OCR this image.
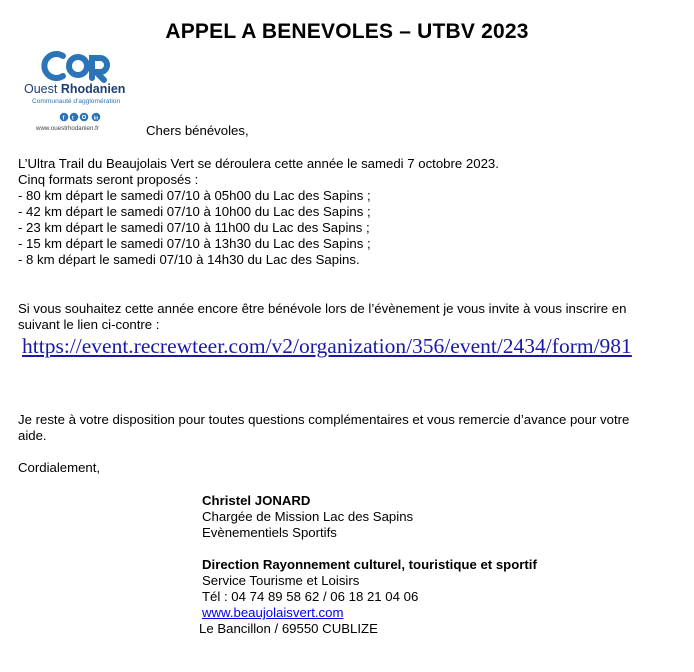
APPEL A BENEVOLES – UTBV 2023
Ouest Rhodanien
Communauté d'agglomération
f t	in
www.ouestrhodanien.fr	Chers bénévoles,
L’Ultra Trail du Beaujolais Vert se déroulera cette année le samedi 7 octobre 2023.
Cinq formats seront proposés :
- 80 km départ le samedi 07/10 à 05h00 du Lac des Sapins ;
- 42 km départ le samedi 07/10 à 10h00 du Lac des Sapins ;
- 23 km départ le samedi 07/10 à 11h00 du Lac des Sapins ;
- 15 km départ le samedi 07/10 à 13h30 du Lac des Sapins ;
- 8 km départ le samedi 07/10 à 14h30 du Lac des Sapins.
Si vous souhaitez cette année encore être bénévole lors de l’évènement je vous invite à vous inscrire en
suivant le lien ci-contre :
https://event.recrewteer.com/v2/organization/356/event/2434/form/981
Je reste à votre disposition pour toutes questions complémentaires et vous remercie d’avance pour votre
aide.
Cordialement,
Christel JONARD
Chargée de Mission Lac des Sapins
Evènementiels Sportifs
Direction Rayonnement culturel, touristique et sportif
Service Tourisme et Loisirs
Tél : 04 74 89 58 62 / 06 18 21 04 06
www.beaujolaisvert.com
Le Bancillon / 69550 CUBLIZE
